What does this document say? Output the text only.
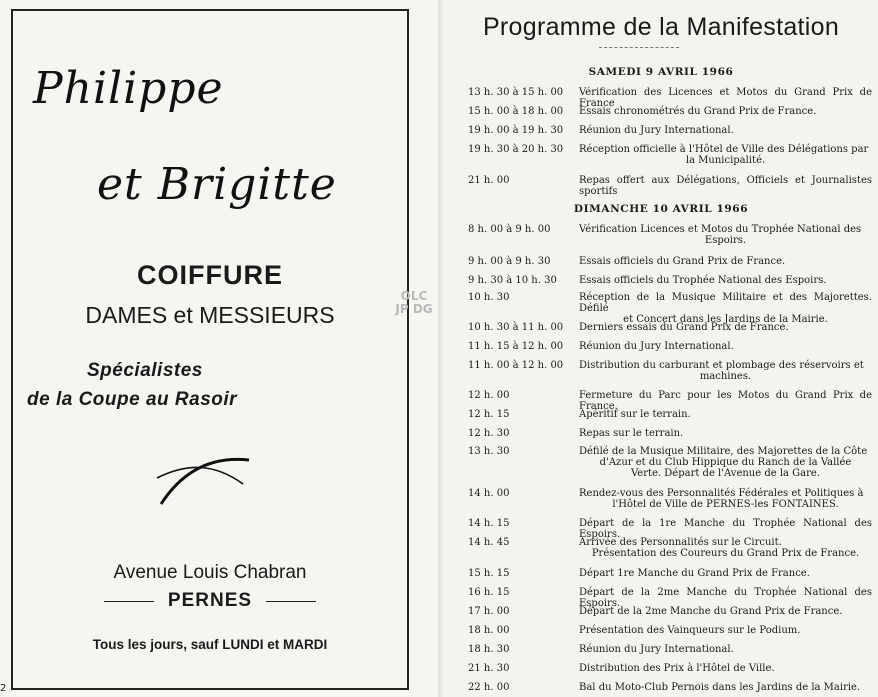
Philippe
et Brigitte
COIFFURE
DAMES et MESSIEURS
Spécialistes
de la Coupe au Rasoir
Avenue Louis Chabran
PERNES
Tous les jours, sauf LUNDI et MARDI
2
OLC JP DG
Programme de la Manifestation
SAMEDI 9 AVRIL 1966
13 h. 30 à 15 h. 00	Vérification des Licences et Motos du Grand Prix de France
15 h. 00 à 18 h. 00	Essais chronométrés du Grand Prix de France.
19 h. 00 à 19 h. 30	Réunion du Jury International.
19 h. 30 à 20 h. 30	Réception officielle à l'Hôtel de Ville des Délégations par
la Municipalité.
21 h. 00	Repas offert aux Délégations, Officiels et Journalistes sportifs
DIMANCHE 10 AVRIL 1966
8 h. 00 à 9 h. 00	Vérification Licences et Motos du Trophée National des
Espoirs.
9 h. 00 à 9 h. 30	Essais officiels du Grand Prix de France.
9 h. 30 à 10 h. 30	Essais officiels du Trophée National des Espoirs.
10 h. 30	Réception de la Musique Militaire et des Majorettes. Défilé
et Concert dans les Jardins de la Mairie.
10 h. 30 à 11 h. 00	Derniers essais du Grand Prix de France.
11 h. 15 à 12 h. 00	Réunion du Jury International.
11 h. 00 à 12 h. 00	Distribution du carburant et plombage des réservoirs et
machines.
12 h. 00	Fermeture du Parc pour les Motos du Grand Prix de France.
12 h. 15	Apéritif sur le terrain.
12 h. 30	Repas sur le terrain.
13 h. 30	Défilé de la Musique Militaire, des Majorettes de la Côte
d'Azur et du Club Hippique du Ranch de la Vallée
Verte. Départ de l'Avenue de la Gare.
14 h. 00	Rendez-vous des Personnalités Fédérales et Politiques à
l'Hôtel de Ville de PERNES-les FONTAINES.
14 h. 15	Départ de la 1re Manche du Trophée National des Espoirs.
14 h. 45	Arrivée des Personnalités sur le Circuit.
Présentation des Coureurs du Grand Prix de France.
15 h. 15	Départ 1re Manche du Grand Prix de France.
16 h. 15	Départ de la 2me Manche du Trophée National des Espoirs.
17 h. 00	Départ de la 2me Manche du Grand Prix de France.
18 h. 00	Présentation des Vainqueurs sur le Podium.
18 h. 30	Réunion du Jury International.
21 h. 30	Distribution des Prix à l'Hôtel de Ville.
22 h. 00	Bal du Moto-Club Pernois dans les Jardins de la Mairie.
